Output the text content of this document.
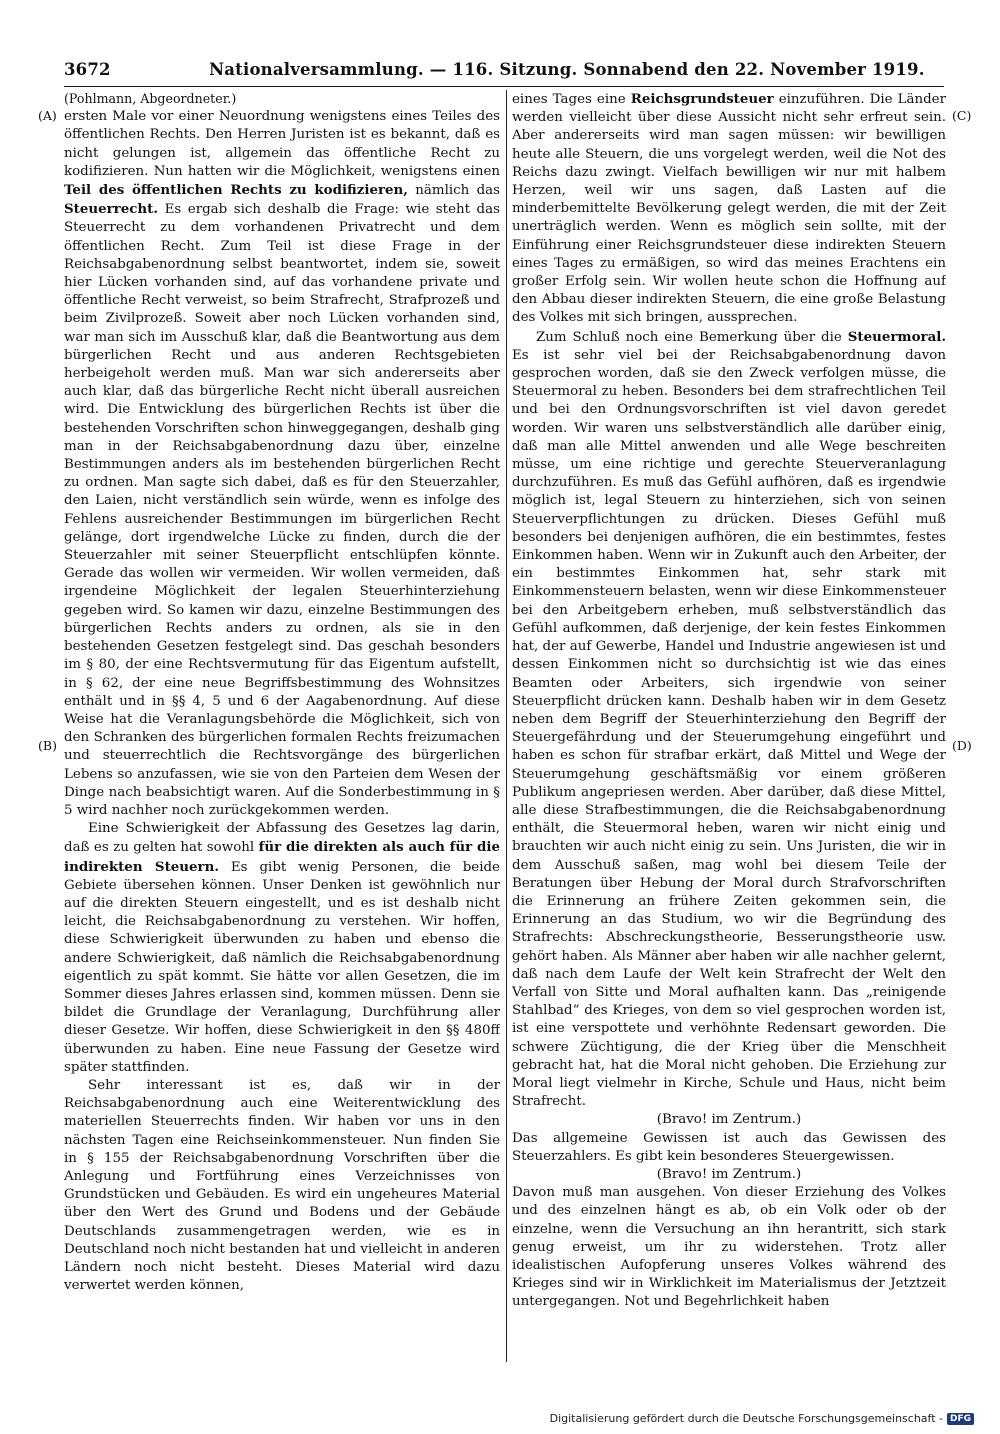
3672	Nationalversammlung. — 116. Sitzung. Sonnabend den 22. November 1919.
(A)
(B)
(C)
(D)

(Pohlmann, Abgeordneter.)

ersten Male vor einer Neuordnung wenigstens eines Teiles des öffentlichen Rechts. Den Herren Juristen ist es bekannt, daß es nicht gelungen ist, allgemein das öffentliche Recht zu kodifizieren. Nun hatten wir die Möglichkeit, wenigstens einen Teil des öffentlichen Rechts zu kodifizieren, nämlich das Steuerrecht. Es ergab sich deshalb die Frage: wie steht das Steuerrecht zu dem vorhandenen Privatrecht und dem öffentlichen Recht. Zum Teil ist diese Frage in der Reichsabgabenordnung selbst beantwortet, indem sie, soweit hier Lücken vorhanden sind, auf das vorhandene private und öffentliche Recht verweist, so beim Strafrecht, Strafprozeß und beim Zivilprozeß. Soweit aber noch Lücken vorhanden sind, war man sich im Ausschuß klar, daß die Beantwortung aus dem bürgerlichen Recht und aus anderen Rechtsgebieten herbeigeholt werden muß. Man war sich andererseits aber auch klar, daß das bürgerliche Recht nicht überall ausreichen wird. Die Entwicklung des bürgerlichen Rechts ist über die bestehenden Vorschriften schon hinweggegangen, deshalb ging man in der Reichsabgabenordnung dazu über, einzelne Bestimmungen anders als im bestehenden bürgerlichen Recht zu ordnen. Man sagte sich dabei, daß es für den Steuerzahler, den Laien, nicht verständlich sein würde, wenn es infolge des Fehlens ausreichender Bestimmungen im bürgerlichen Recht gelänge, dort irgendwelche Lücke zu finden, durch die der Steuerzahler mit seiner Steuerpflicht entschlüpfen könnte. Gerade das wollen wir vermeiden. Wir wollen vermeiden, daß irgendeine Möglichkeit der legalen Steuerhinterziehung gegeben wird. So kamen wir dazu, einzelne Bestimmungen des bürgerlichen Rechts anders zu ordnen, als sie in den bestehenden Gesetzen festgelegt sind. Das geschah besonders im § 80, der eine Rechtsvermutung für das Eigentum aufstellt, in § 62, der eine neue Begriffsbestimmung des Wohnsitzes enthält und in §§ 4, 5 und 6 der Aagabenordnung. Auf diese Weise hat die Veranlagungsbehörde die Möglichkeit, sich von den Schranken des bürgerlichen formalen Rechts freizumachen und steuerrechtlich die Rechtsvorgänge des bürgerlichen Lebens so anzufassen, wie sie von den Parteien dem Wesen der Dinge nach beabsichtigt waren. Auf die Sonderbestimmung in § 5 wird nachher noch zurückgekommen werden.

Eine Schwierigkeit der Abfassung des Gesetzes lag darin, daß es zu gelten hat sowohl für die direkten als auch für die indirekten Steuern. Es gibt wenig Personen, die beide Gebiete übersehen können. Unser Denken ist gewöhnlich nur auf die direkten Steuern eingestellt, und es ist deshalb nicht leicht, die Reichsabgabenordnung zu verstehen. Wir hoffen, diese Schwierigkeit überwunden zu haben und ebenso die andere Schwierigkeit, daß nämlich die Reichsabgabenordnung eigentlich zu spät kommt. Sie hätte vor allen Gesetzen, die im Sommer dieses Jahres erlassen sind, kommen müssen. Denn sie bildet die Grundlage der Veranlagung, Durchführung aller dieser Gesetze. Wir hoffen, diese Schwierigkeit in den §§ 480ff überwunden zu haben. Eine neue Fassung der Gesetze wird später stattfinden.

Sehr interessant ist es, daß wir in der Reichsabgabenordnung auch eine Weiterentwicklung des materiellen Steuerrechts finden. Wir haben vor uns in den nächsten Tagen eine Reichseinkommensteuer. Nun finden Sie in § 155 der Reichsabgabenordnung Vorschriften über die Anlegung und Fortführung eines Verzeichnisses von Grundstücken und Gebäuden. Es wird ein ungeheures Material über den Wert des Grund und Bodens und der Gebäude Deutschlands zusammengetragen werden, wie es in Deutschland noch nicht bestanden hat und vielleicht in anderen Ländern noch nicht besteht. Dieses Material wird dazu verwertet werden können,

eines Tages eine Reichsgrundsteuer einzuführen. Die Länder werden vielleicht über diese Aussicht nicht sehr erfreut sein. Aber andererseits wird man sagen müssen: wir bewilligen heute alle Steuern, die uns vorgelegt werden, weil die Not des Reichs dazu zwingt. Vielfach bewilligen wir nur mit halbem Herzen, weil wir uns sagen, daß Lasten auf die minderbemittelte Bevölkerung gelegt werden, die mit der Zeit unerträglich werden. Wenn es möglich sein sollte, mit der Einführung einer Reichsgrundsteuer diese indirekten Steuern eines Tages zu ermäßigen, so wird das meines Erachtens ein großer Erfolg sein. Wir wollen heute schon die Hoffnung auf den Abbau dieser indirekten Steuern, die eine große Belastung des Volkes mit sich bringen, aussprechen.

Zum Schluß noch eine Bemerkung über die Steuermoral. Es ist sehr viel bei der Reichsabgabenordnung davon gesprochen worden, daß sie den Zweck verfolgen müsse, die Steuermoral zu heben. Besonders bei dem strafrechtlichen Teil und bei den Ordnungsvorschriften ist viel davon geredet worden. Wir waren uns selbstverständlich alle darüber einig, daß man alle Mittel anwenden und alle Wege beschreiten müsse, um eine richtige und gerechte Steuerveranlagung durchzuführen. Es muß das Gefühl aufhören, daß es irgendwie möglich ist, legal Steuern zu hinterziehen, sich von seinen Steuerverpflichtungen zu drücken. Dieses Gefühl muß besonders bei denjenigen aufhören, die ein bestimmtes, festes Einkommen haben. Wenn wir in Zukunft auch den Arbeiter, der ein bestimmtes Einkommen hat, sehr stark mit Einkommensteuern belasten, wenn wir diese Einkommensteuer bei den Arbeitgebern erheben, muß selbstverständlich das Gefühl aufkommen, daß derjenige, der kein festes Einkommen hat, der auf Gewerbe, Handel und Industrie angewiesen ist und dessen Einkommen nicht so durchsichtig ist wie das eines Beamten oder Arbeiters, sich irgendwie von seiner Steuerpflicht drücken kann. Deshalb haben wir in dem Gesetz neben dem Begriff der Steuerhinterziehung den Begriff der Steuergefährdung und der Steuerumgehung eingeführt und haben es schon für strafbar erkärt, daß Mittel und Wege der Steuerumgehung geschäftsmäßig vor einem größeren Publikum angepriesen werden. Aber darüber, daß diese Mittel, alle diese Strafbestimmungen, die die Reichsabgabenordnung enthält, die Steuermoral heben, waren wir nicht einig und brauchten wir auch nicht einig zu sein. Uns Juristen, die wir in dem Ausschuß saßen, mag wohl bei diesem Teile der Beratungen über Hebung der Moral durch Strafvorschriften die Erinnerung an frühere Zeiten gekommen sein, die Erinnerung an das Studium, wo wir die Begründung des Strafrechts: Abschreckungstheorie, Besserungstheorie usw. gehört haben. Als Männer aber haben wir alle nachher gelernt, daß nach dem Laufe der Welt kein Strafrecht der Welt den Verfall von Sitte und Moral aufhalten kann. Das „reinigende Stahlbad“ des Krieges, von dem so viel gesprochen worden ist, ist eine verspottete und verhöhnte Redensart geworden. Die schwere Züchtigung, die der Krieg über die Menschheit gebracht hat, hat die Moral nicht gehoben. Die Erziehung zur Moral liegt vielmehr in Kirche, Schule und Haus, nicht beim Strafrecht.

(Bravo! im Zentrum.)

Das allgemeine Gewissen ist auch das Gewissen des Steuerzahlers. Es gibt kein besonderes Steuergewissen.

(Bravo! im Zentrum.)

Davon muß man ausgehen. Von dieser Erziehung des Volkes und des einzelnen hängt es ab, ob ein Volk oder ob der einzelne, wenn die Versuchung an ihn herantritt, sich stark genug erweist, um ihr zu widerstehen. Trotz aller idealistischen Aufopferung unseres Volkes während des Krieges sind wir in Wirklichkeit im Materialismus der Jetztzeit untergegangen. Not und Begehrlichkeit haben

Digitalisierung gefördert durch die Deutsche Forschungsgemeinschaft - DFG
